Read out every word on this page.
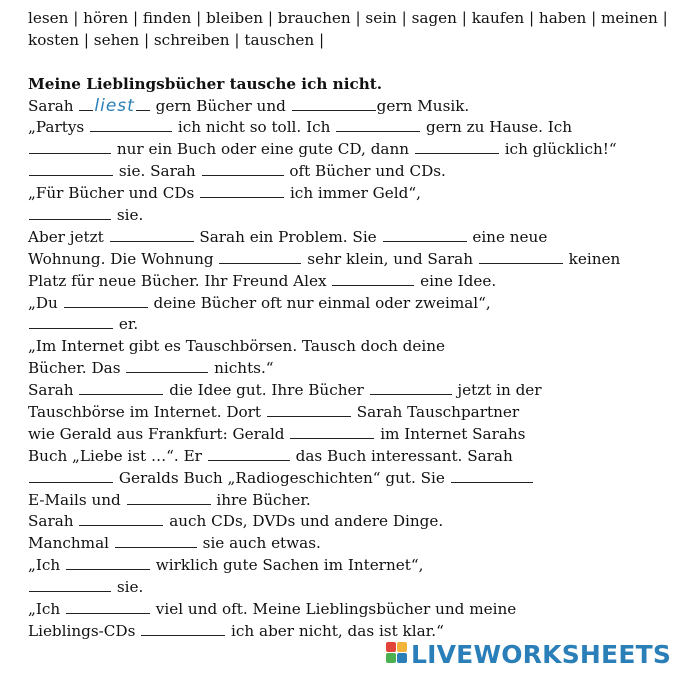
lesen | hören | finden | bleiben | brauchen | sein | sagen | kaufen | haben | meinen |
kosten | sehen | schreiben | tauschen |
Meine Lieblingsbücher tausche ich nicht.
Sarah liest gern Bücher und	gern Musik.
„Partys	ich nicht so toll. Ich	gern zu Hause. Ich
nur ein Buch oder eine gute CD, dann	ich glücklich!“
sie. Sarah	oft Bücher und CDs.
„Für Bücher und CDs	ich immer Geld“,
sie.
Aber jetzt	Sarah ein Problem. Sie	eine neue
Wohnung. Die Wohnung	sehr klein, und Sarah	keinen
Platz für neue Bücher. Ihr Freund Alex	eine Idee.
„Du	deine Bücher oft nur einmal oder zweimal“,
er.
„Im Internet gibt es Tauschbörsen. Tausch doch deine
Bücher. Das	nichts.“
Sarah	die Idee gut. Ihre Bücher	jetzt in der
Tauschbörse im Internet. Dort	Sarah Tauschpartner
wie Gerald aus Frankfurt: Gerald	im Internet Sarahs
Buch „Liebe ist …“. Er	das Buch interessant. Sarah
Geralds Buch „Radiogeschichten“ gut. Sie
E-Mails und	ihre Bücher.
Sarah	auch CDs, DVDs und andere Dinge.
Manchmal	sie auch etwas.
„Ich	wirklich gute Sachen im Internet“,
sie.
„Ich	viel und oft. Meine Lieblingsbücher und meine
Lieblings-CDs	ich aber nicht, das ist klar.“
LIVEWORKSHEETS
